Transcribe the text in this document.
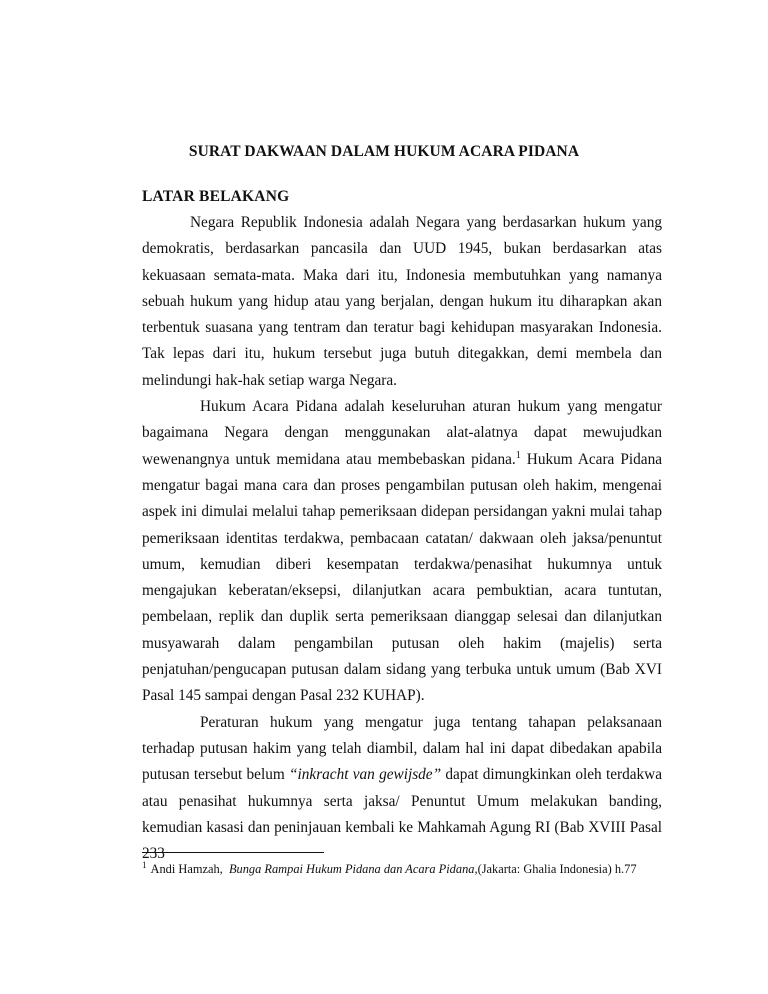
SURAT DAKWAAN DALAM HUKUM ACARA PIDANA
LATAR BELAKANG

Negara Republik Indonesia adalah Negara yang berdasarkan hukum yang demokratis, berdasarkan pancasila dan UUD 1945, bukan berdasarkan atas kekuasaan semata-mata. Maka dari itu, Indonesia membutuhkan yang namanya sebuah hukum yang hidup atau yang berjalan, dengan hukum itu diharapkan akan terbentuk suasana yang tentram dan teratur bagi kehidupan masyarakan Indonesia. Tak lepas dari itu, hukum tersebut juga butuh ditegakkan, demi membela dan melindungi hak-hak setiap warga Negara.

Hukum Acara Pidana adalah keseluruhan aturan hukum yang mengatur bagaimana Negara dengan menggunakan alat-alatnya dapat mewujudkan wewenangnya untuk memidana atau membebaskan pidana.$^1$ Hukum Acara Pidana mengatur bagai mana cara dan proses pengambilan putusan oleh hakim, mengenai aspek ini dimulai melalui tahap pemeriksaan didepan persidangan yakni mulai tahap pemeriksaan identitas terdakwa, pembacaan catatan/ dakwaan oleh jaksa/penuntut umum, kemudian diberi kesempatan terdakwa/penasihat hukumnya untuk mengajukan keberatan/eksepsi, dilanjutkan acara pembuktian, acara tuntutan, pembelaan, replik dan duplik serta pemeriksaan dianggap selesai dan dilanjutkan musyawarah dalam pengambilan putusan oleh hakim (majelis) serta penjatuhan/pengucapan putusan dalam sidang yang terbuka untuk umum (Bab XVI Pasal 145 sampai dengan Pasal 232 KUHAP).

Peraturan hukum yang mengatur juga tentang tahapan pelaksanaan terhadap putusan hakim yang telah diambil, dalam hal ini dapat dibedakan apabila putusan tersebut belum “inkracht van gewijsde” dapat dimungkinkan oleh terdakwa atau penasihat hukumnya serta jaksa/ Penuntut Umum melakukan banding, kemudian kasasi dan peninjauan kembali ke Mahkamah Agung RI (Bab XVIII Pasal 233

$^1$ Andi Hamzah, Bunga Rampai Hukum Pidana dan Acara Pidana,(Jakarta: Ghalia Indonesia) h.77
